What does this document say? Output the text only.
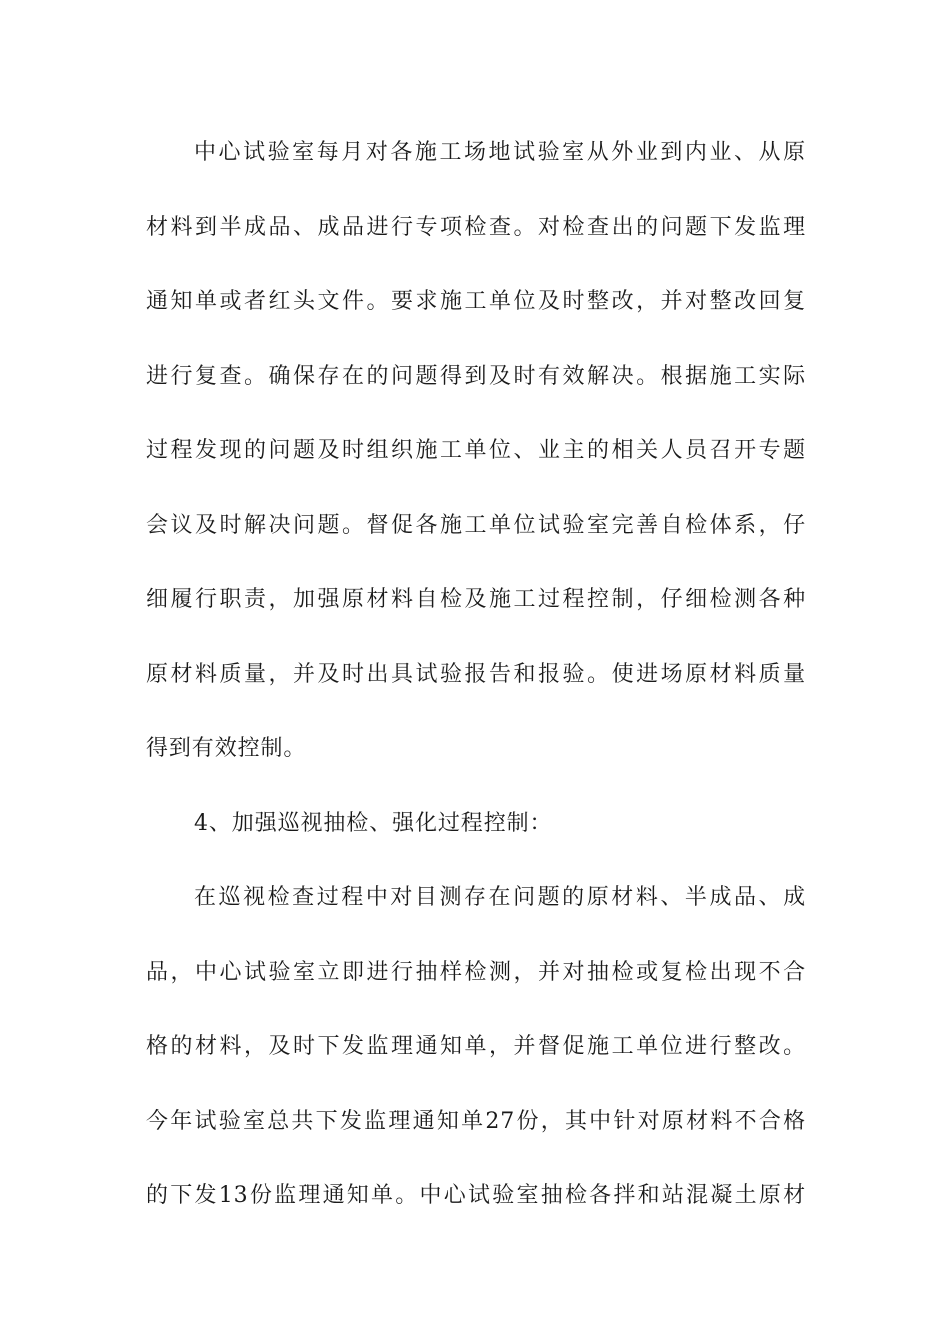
中心试验室每月对各施工场地试验室从外业到内业、从原
材料到半成品、成品进行专项检查。对检查出的问题下发监理
通知单或者红头文件。要求施工单位及时整改，并对整改回复
进行复查。确保存在的问题得到及时有效解决。根据施工实际
过程发现的问题及时组织施工单位、业主的相关人员召开专题
会议及时解决问题。督促各施工单位试验室完善自检体系，仔
细履行职责，加强原材料自检及施工过程控制，仔细检测各种
原材料质量，并及时出具试验报告和报验。使进场原材料质量
得到有效控制。
4、加强巡视抽检、强化过程控制：
在巡视检查过程中对目测存在问题的原材料、半成品、成
品，中心试验室立即进行抽样检测，并对抽检或复检出现不合
格的材料，及时下发监理通知单，并督促施工单位进行整改。
今年试验室总共下发监理通知单27份，其中针对原材料不合格
的下发13份监理通知单。中心试验室抽检各拌和站混凝土原材
